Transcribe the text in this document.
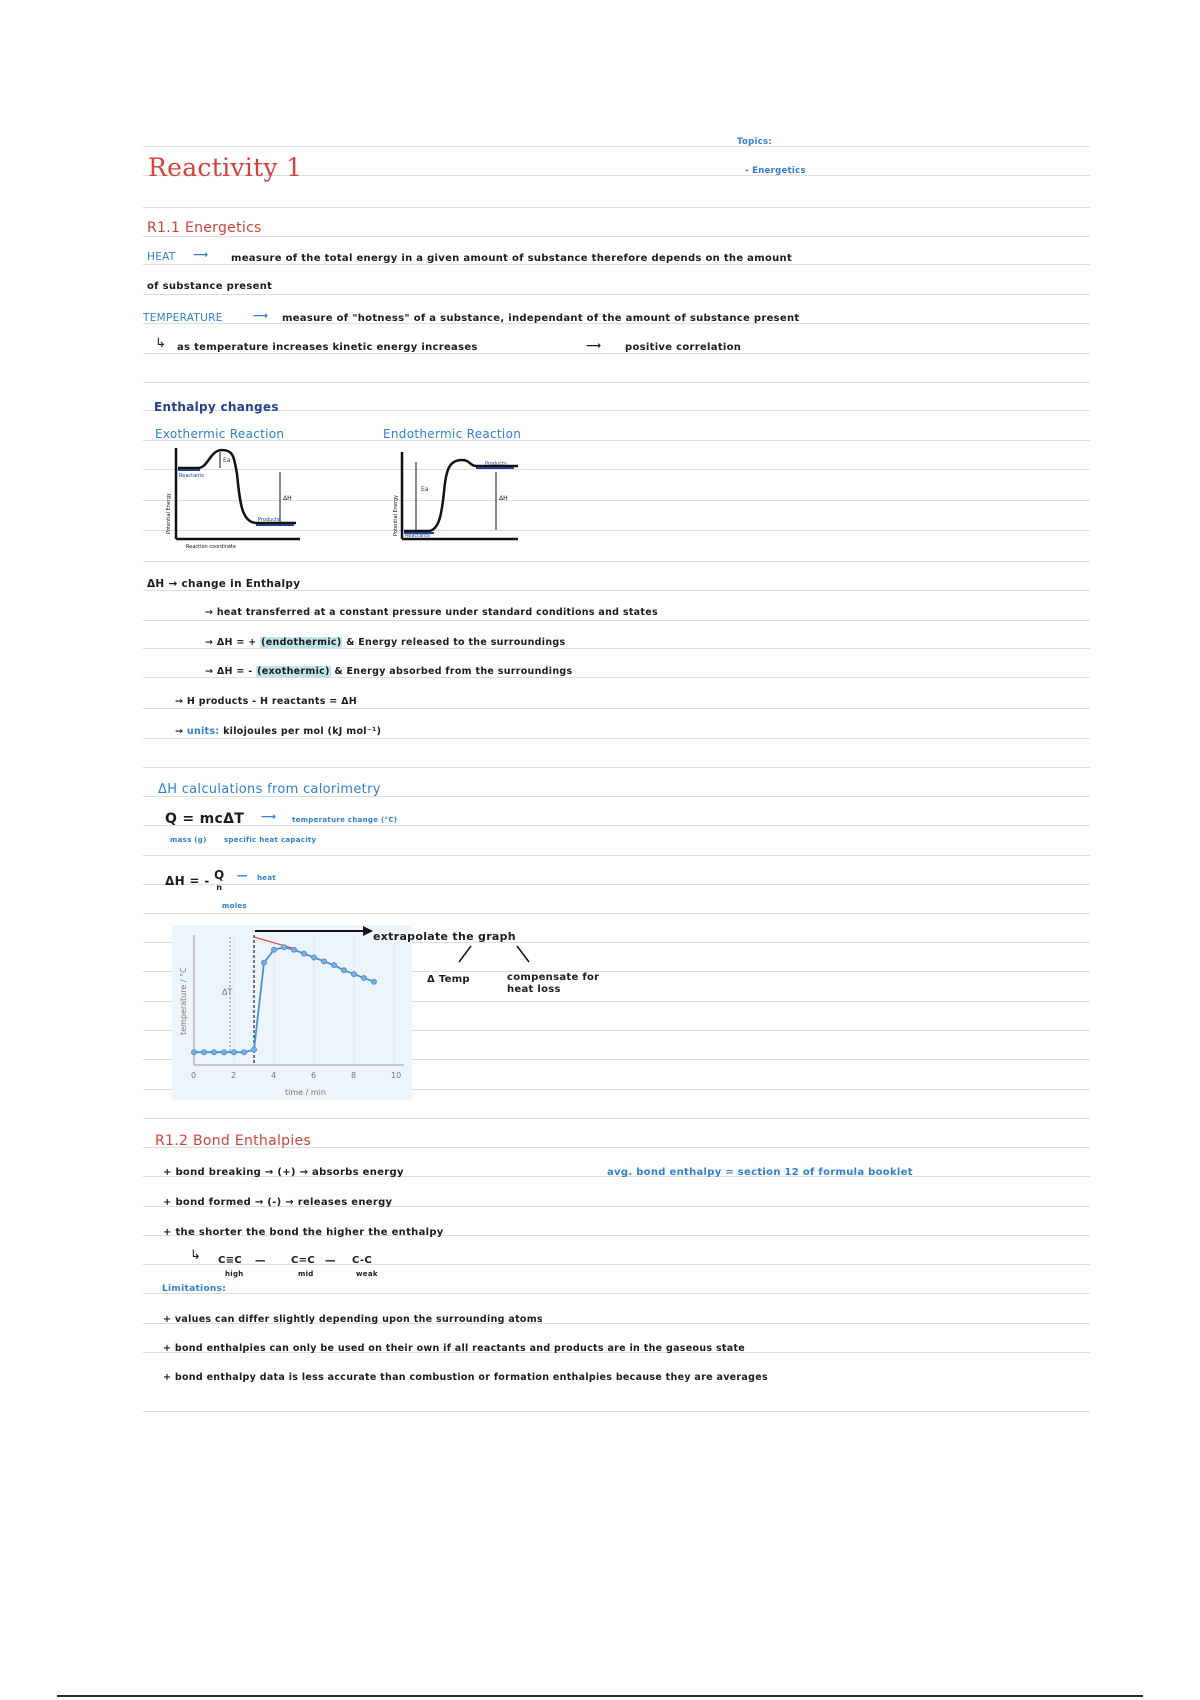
Reactivity 1
Topics:
- Energetics
R1.1 Energetics
HEAT ⟶ measure of the total energy in a given amount of substance therefore depends on the amount
of substance present
TEMPERATURE	⟶ measure of "hotness" of a substance, independant of the amount of substance present
↳ as temperature increases kinetic energy increases	⟶ positive correlation
Enthalpy changes
Exothermic Reaction	Endothermic Reaction
Reactants
Products
Ea
ΔH
Potential Energy
Reaction coordinate
Reactants
Products
Ea
ΔH
Potential Energy
ΔH → change in Enthalpy
→ heat transferred at a constant pressure under standard conditions and states
→ ΔH = + (endothermic) & Energy released to the surroundings
→ ΔH = - (exothermic) & Energy absorbed from the surroundings
→ H products - H reactants = ΔH
→ units: kilojoules per mol (kJ mol⁻¹)
ΔH calculations from calorimetry
Q = mcΔT ⟶ temperature change (°C)
mass (g) specific heat capacity
ΔH = - Q
n
— heat
moles
0	2	4	6	8	10
ΔT
time / min
temperature / °C
extrapolate the graph
Δ Temp	compensate for
heat loss
R1.2 Bond Enthalpies
+ bond breaking → (+) → absorbs energy	avg. bond enthalpy = section 12 of formula booklet
+ bond formed → (-) → releases energy
+ the shorter the bond the higher the enthalpy
↳ C≡C —	C=C — C-C
high	mid	weak
Limitations:
+ values can differ slightly depending upon the surrounding atoms
+ bond enthalpies can only be used on their own if all reactants and products are in the gaseous state
+ bond enthalpy data is less accurate than combustion or formation enthalpies because they are averages
